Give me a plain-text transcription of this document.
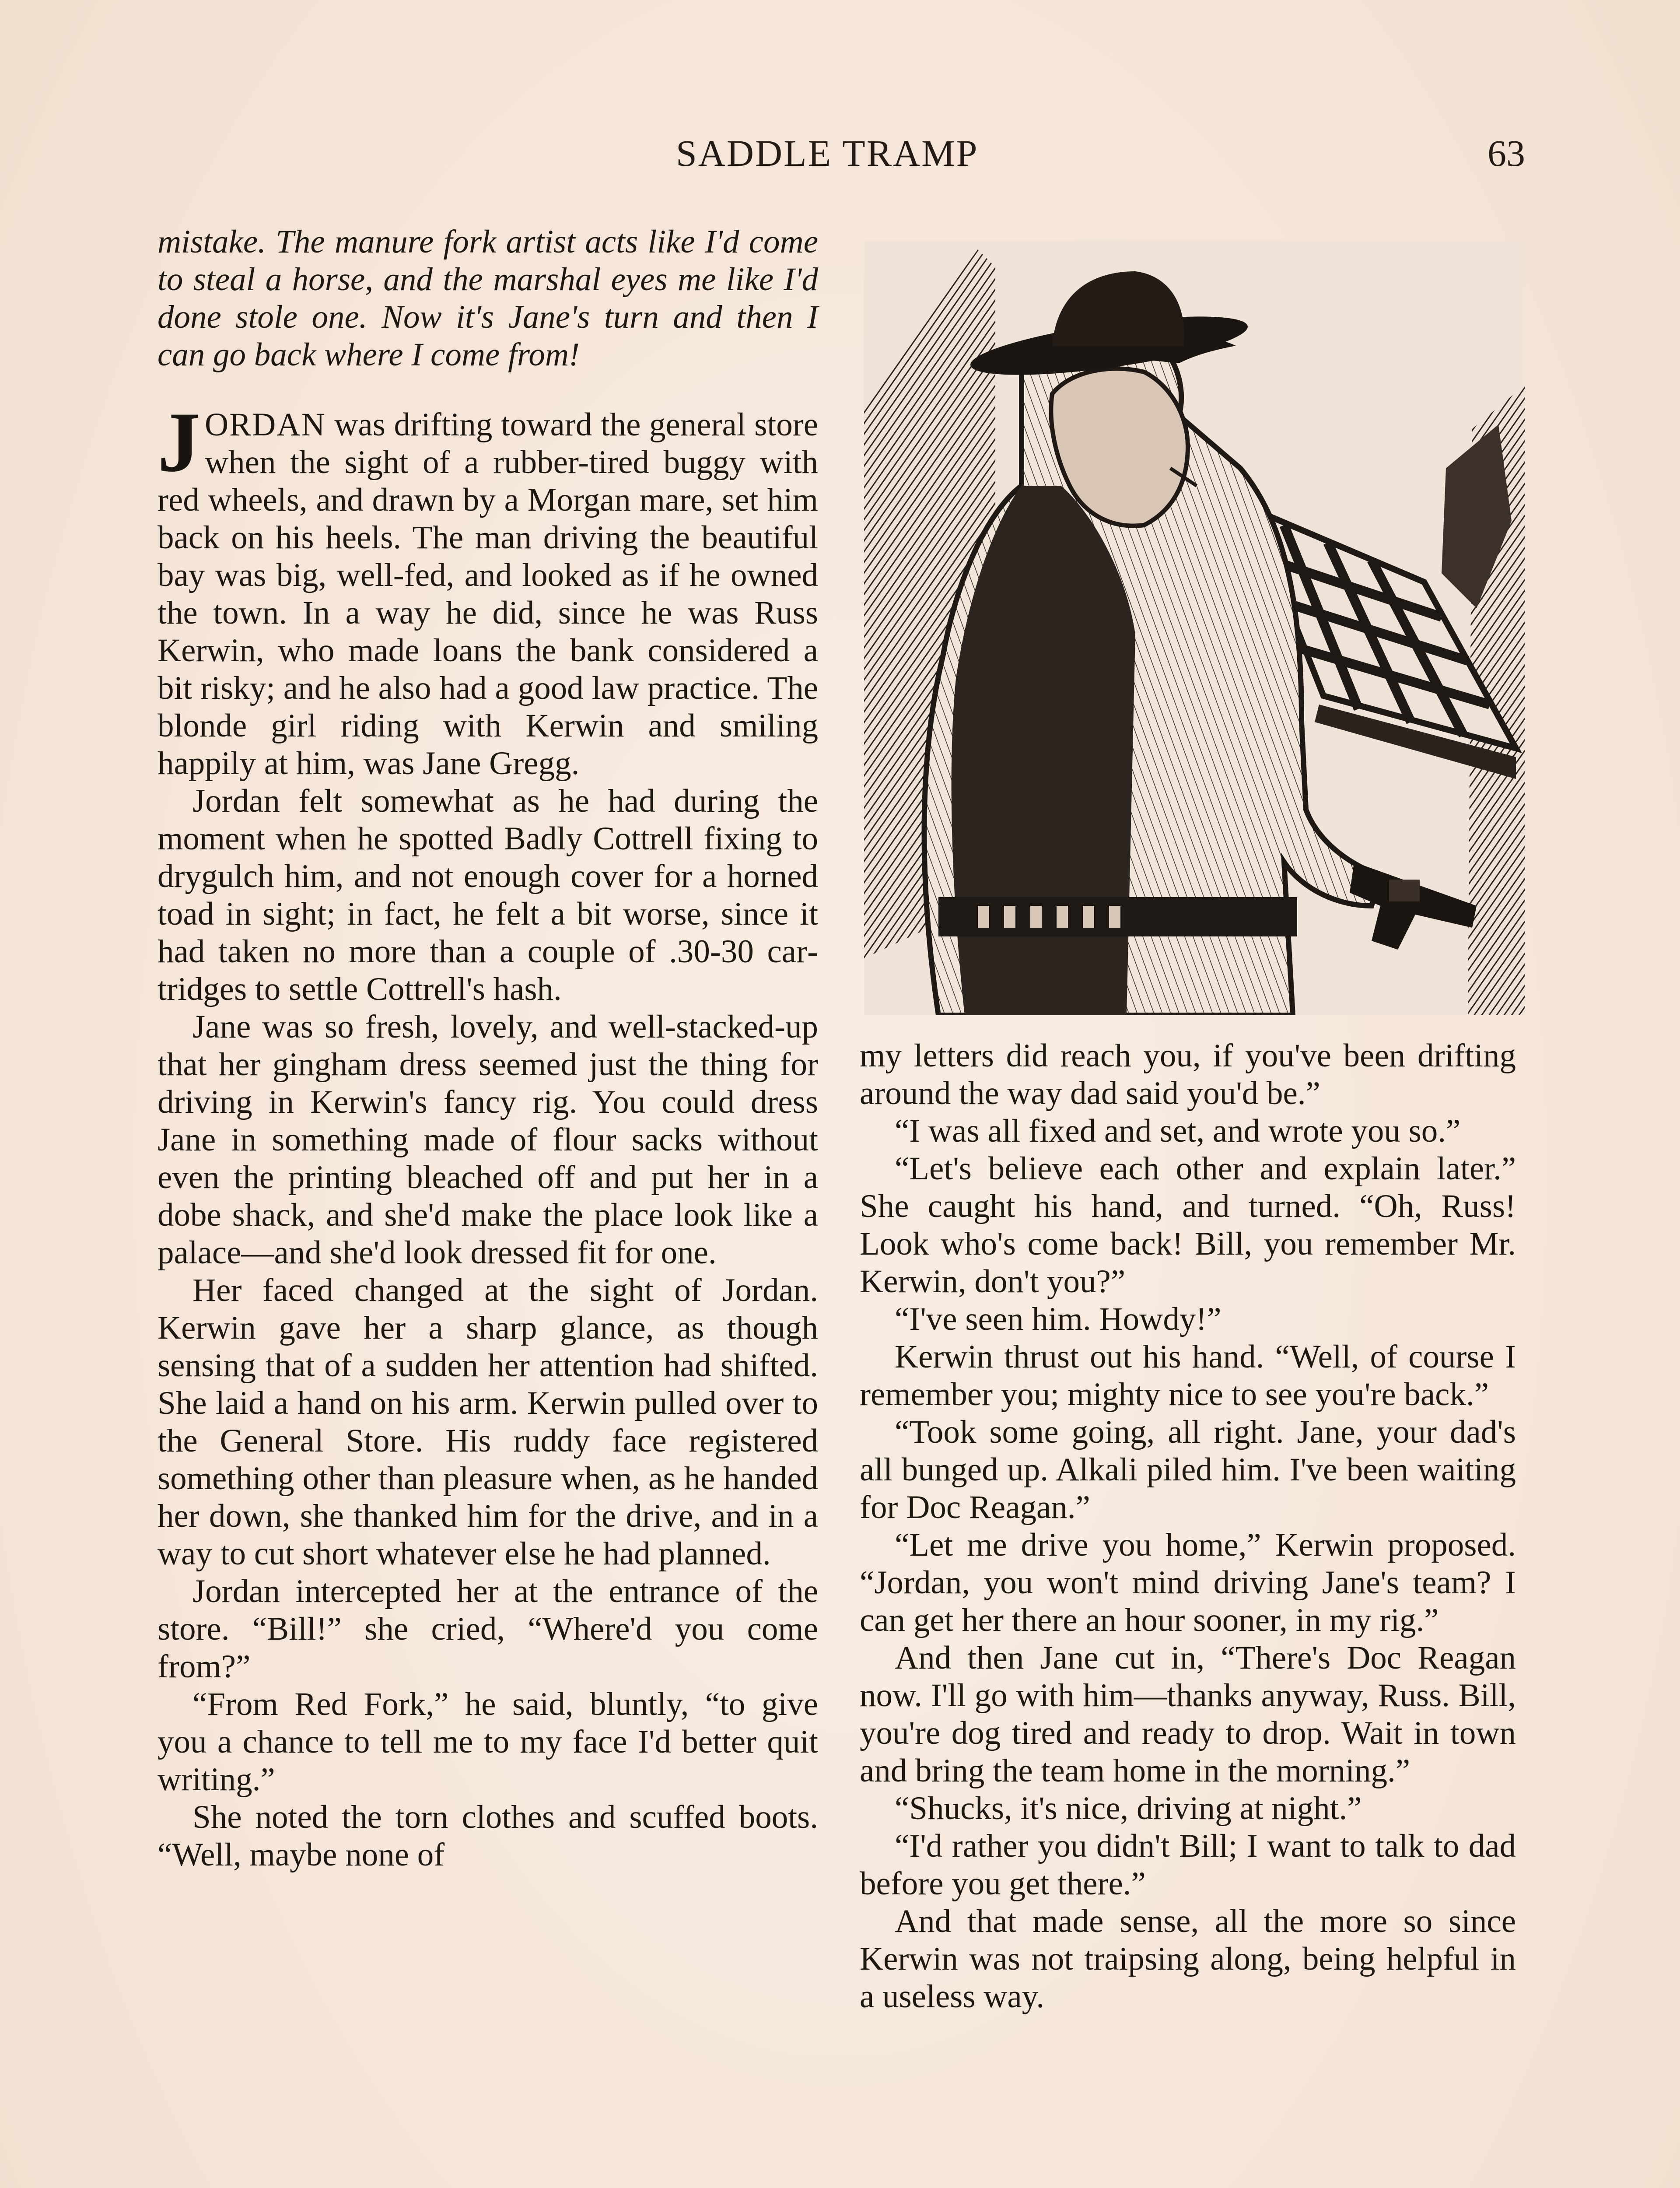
SADDLE TRAMP	63

mistake. The manure fork artist acts like I'd come to steal a horse, and the marshal eyes me like I'd done stole one. Now it's Jane's turn and then I can go back where I come from!

JORDAN was drifting toward the general store when the sight of a rubber-tired buggy with red wheels, and drawn by a Morgan mare, set him back on his heels. The man driving the beautiful bay was big, well-fed, and looked as if he owned the town. In a way he did, since he was Russ Kerwin, who made loans the bank considered a bit risky; and he also had a good law practice. The blonde girl riding with Kerwin and smiling happily at him, was Jane Gregg.

Jordan felt somewhat as he had during the moment when he spotted Badly Cottrell fixing to drygulch him, and not enough cover for a horned toad in sight; in fact, he felt a bit worse, since it had taken no more than a couple of .30-30 cartridges to settle Cottrell's hash.

Jane was so fresh, lovely, and well-stacked-up that her gingham dress seemed just the thing for driving in Kerwin's fancy rig. You could dress Jane in something made of flour sacks without even the printing bleached off and put her in a dobe shack, and she'd make the place look like a palace—and she'd look dressed fit for one.

Her faced changed at the sight of Jordan. Kerwin gave her a sharp glance, as though sensing that of a sudden her attention had shifted. She laid a hand on his arm. Kerwin pulled over to the General Store. His ruddy face registered something other than pleasure when, as he handed her down, she thanked him for the drive, and in a way to cut short whatever else he had planned.

Jordan intercepted her at the entrance of the store. “Bill!” she cried, “Where'd you come from?”

“From Red Fork,” he said, bluntly, “to give you a chance to tell me to my face I'd better quit writing.”

She noted the torn clothes and scuffed boots. “Well, maybe none of

my letters did reach you, if you've been drifting around the way dad said you'd be.”

“I was all fixed and set, and wrote you so.”

“Let's believe each other and explain later.” She caught his hand, and turned. “Oh, Russ! Look who's come back! Bill, you remember Mr. Kerwin, don't you?”

“I've seen him. Howdy!”

Kerwin thrust out his hand. “Well, of course I remember you; mighty nice to see you're back.”

“Took some going, all right. Jane, your dad's all bunged up. Alkali piled him. I've been waiting for Doc Reagan.”

“Let me drive you home,” Kerwin proposed. “Jordan, you won't mind driving Jane's team? I can get her there an hour sooner, in my rig.”

And then Jane cut in, “There's Doc Reagan now. I'll go with him—thanks anyway, Russ. Bill, you're dog tired and ready to drop. Wait in town and bring the team home in the morning.”

“Shucks, it's nice, driving at night.”

“I'd rather you didn't Bill; I want to talk to dad before you get there.”

And that made sense, all the more so since Kerwin was not traipsing along, being helpful in a useless way.
